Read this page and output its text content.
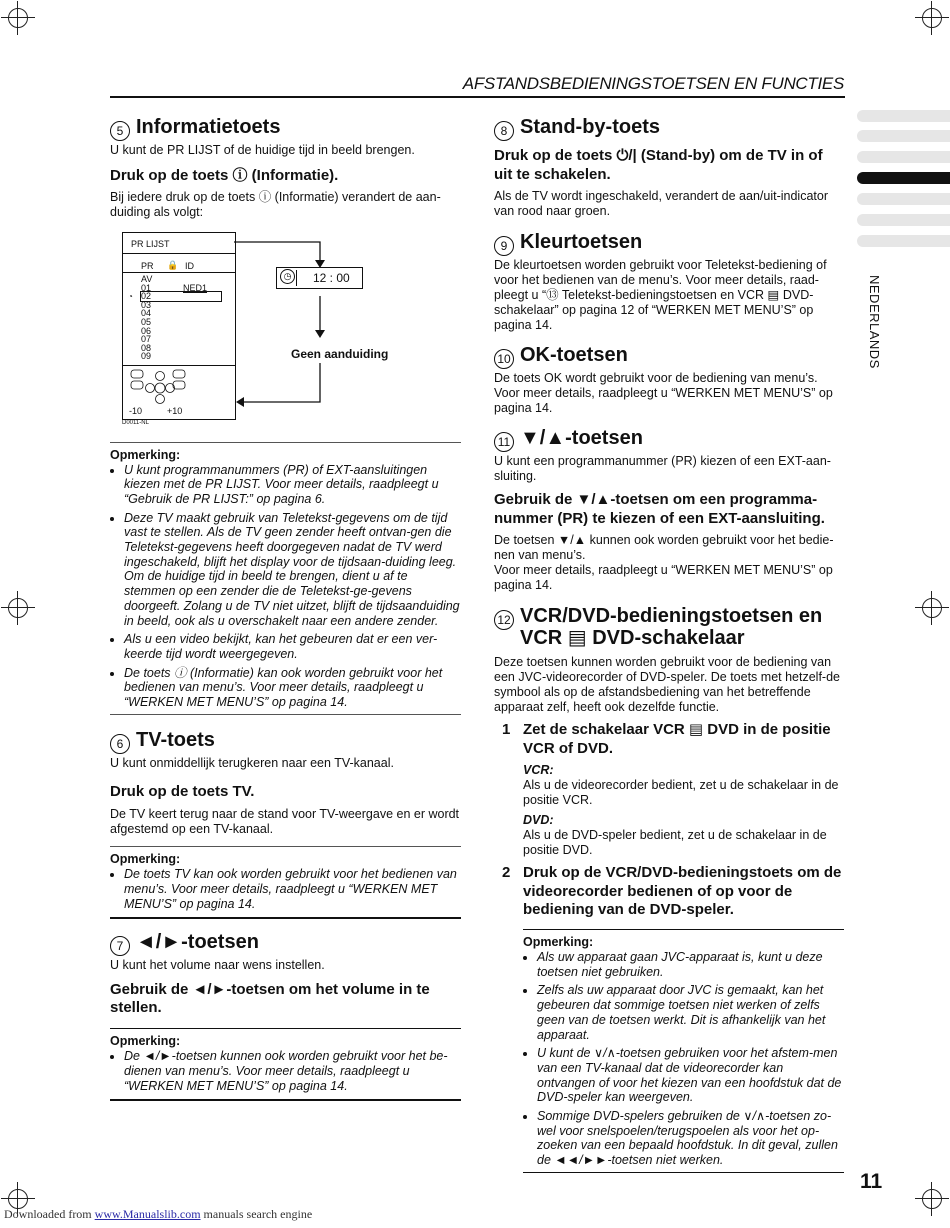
AFSTANDSBEDIENINGSTOETSEN EN FUNCTIES
NEDERLANDS
5 Informatietoets

U kunt de PR LIJST of de huidige tijd in beeld brengen.

Druk op de toets ⓘ (Informatie).

Bij iedere druk op de toets ⓘ (Informatie) verandert de aan-duiding als volgt:

Opmerking:

• U kunt programmanummers (PR) of EXT-aansluitingen kiezen met de PR LIJST. Voor meer details, raadpleegt u “Gebruik de PR LIJST:” op pagina 6.
• Deze TV maakt gebruik van Teletekst-gegevens om de tijd vast te stellen. Als de TV geen zender heeft ontvan-gen die Teletekst-gegevens heeft doorgegeven nadat de TV werd ingeschakeld, blijft het display voor de tijdsaan-duiding leeg. Om de huidige tijd in beeld te brengen, dient u af te stemmen op een zender die de Teletekst-ge-gevens doorgeeft. Zolang u de TV niet uitzet, blijft de tijdsaanduiding in beeld, ook als u overschakelt naar een andere zender.
• Als u een video bekijkt, kan het gebeuren dat er een ver-keerde tijd wordt weergegeven.
• De toets ⓘ (Informatie) kan ook worden gebruikt voor het bedienen van menu’s. Voor meer details, raadpleegt u “WERKEN MET MENU’S” op pagina 14.
6 TV-toets

U kunt onmiddellijk terugkeren naar een TV-kanaal.

Druk op de toets TV.

De TV keert terug naar de stand voor TV-weergave en er wordt afgestemd op een TV-kanaal.

Opmerking:

• De toets TV kan ook worden gebruikt voor het bedienen van menu’s. Voor meer details, raadpleegt u “WERKEN MET MENU’S” op pagina 14.
7 ◄/►-toetsen

U kunt het volume naar wens instellen.

Gebruik de ◄/►-toetsen om het volume in te stellen.

Opmerking:

• De ◄/►-toetsen kunnen ook worden gebruikt voor het be-dienen van menu’s. Voor meer details, raadpleegt u “WERKEN MET MENU’S” op pagina 14.
PR LIJST
PR 🔒 ID
AV
01
02
03
04
05
06
07
08
09
NED1
◔
-10	+10
D0011-NL
◷ 12 : 00
Geen aanduiding
8 Stand-by-toets

Druk op de toets ⏻/| (Stand-by) om de TV in of uit te schakelen.

Als de TV wordt ingeschakeld, verandert de aan/uit-indicator van rood naar groen.

9 Kleurtoetsen

De kleurtoetsen worden gebruikt voor Teletekst-bediening of voor het bedienen van de menu’s. Voor meer details, raad-pleegt u “⑬ Teletekst-bedieningstoetsen en VCR ▤ DVD-schakelaar” op pagina 12 of “WERKEN MET MENU’S” op pagina 14.

10 OK-toetsen

De toets OK wordt gebruikt voor de bediening van menu’s. Voor meer details, raadpleegt u “WERKEN MET MENU’S” op pagina 14.

11 ▼/▲-toetsen

U kunt een programmanummer (PR) kiezen of een EXT-aan-sluiting.

Gebruik de ▼/▲-toetsen om een programma-nummer (PR) te kiezen of een EXT-aansluiting.

De toetsen ▼/▲ kunnen ook worden gebruikt voor het bedie-nen van menu’s.

Voor meer details, raadpleegt u “WERKEN MET MENU’S” op pagina 14.

12 VCR/DVD-bedieningstoetsen en VCR ▤ DVD-schakelaar

Deze toetsen kunnen worden gebruikt voor de bediening van een JVC-videorecorder of DVD-speler. De toets met hetzelf-de symbool als op de afstandsbediening van het betreffende apparaat zelf, heeft ook dezelfde functie.

1 Zet de schakelaar VCR ▤ DVD in de positie VCR of DVD.

VCR:

Als u de videorecorder bedient, zet u de schakelaar in de positie VCR.

DVD:

Als u de DVD-speler bedient, zet u de schakelaar in de positie DVD.

2 Druk op de VCR/DVD-bedieningstoets om de videorecorder bedienen of op voor de bediening van de DVD-speler.

Opmerking:

• Als uw apparaat gaan JVC-apparaat is, kunt u deze toetsen niet gebruiken.
• Zelfs als uw apparaat door JVC is gemaakt, kan het gebeuren dat sommige toetsen niet werken of zelfs geen van de toetsen werkt. Dit is afhankelijk van het apparaat.
• U kunt de ∨/∧-toetsen gebruiken voor het afstem-men van een TV-kanaal dat de videorecorder kan ontvangen of voor het kiezen van een hoofdstuk dat de DVD-speler kan weergeven.
• Sommige DVD-spelers gebruiken de ∨/∧-toetsen zo-wel voor snelspoelen/terugspoelen als voor het op-zoeken van een bepaald hoofdstuk. In dit geval, zullen de ◄◄/►►-toetsen niet werken.
11
Downloaded from www.Manualslib.com manuals search engine
